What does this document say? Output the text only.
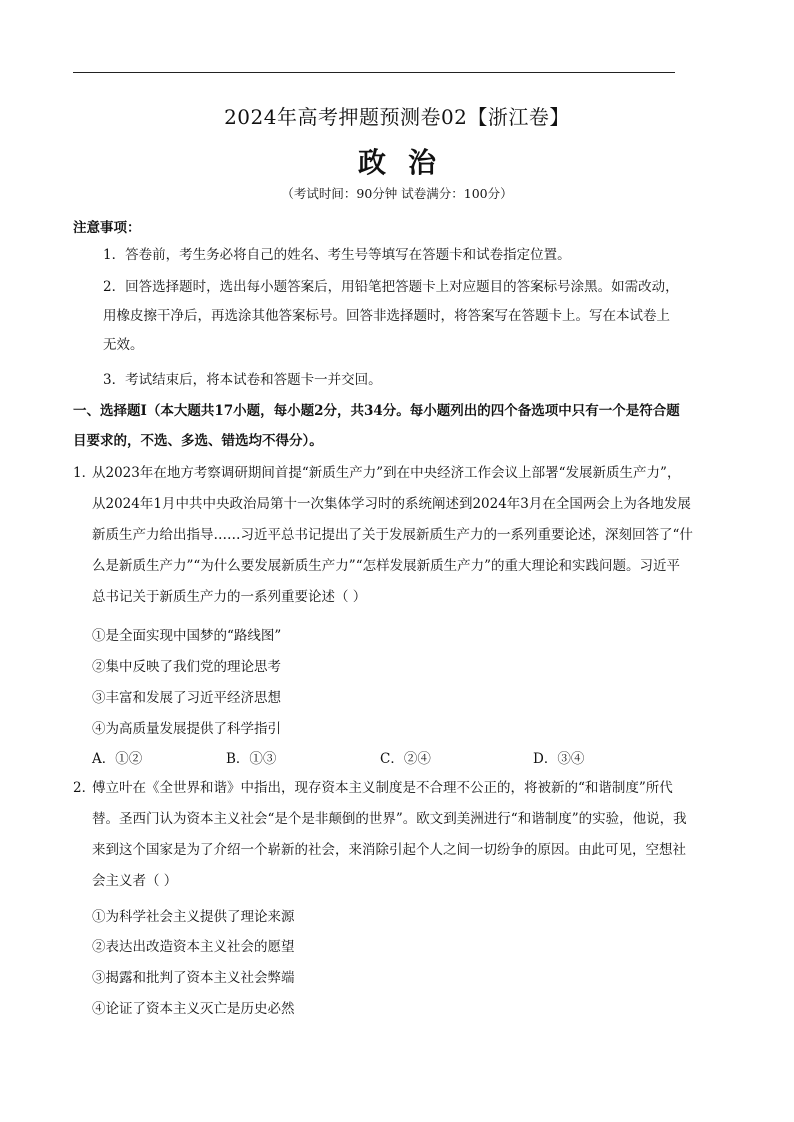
2024年高考押题预测卷02【浙江卷】
政治
（考试时间：90分钟 试卷满分：100分）
注意事项：
1．答卷前，考生务必将自己的姓名、考生号等填写在答题卡和试卷指定位置。
2．回答选择题时，选出每小题答案后，用铅笔把答题卡上对应题目的答案标号涂黑。如需改动，用橡皮擦干净后，再选涂其他答案标号。回答非选择题时，将答案写在答题卡上。写在本试卷上无效。
3．考试结束后，将本试卷和答题卡一并交回。
一、选择题Ⅰ（本大题共17小题，每小题2分，共34分。每小题列出的四个备选项中只有一个是符合题目要求的，不选、多选、错选均不得分）。
1．
从2023年在地方考察调研期间首提“新质生产力”到在中央经济工作会议上部署“发展新质生产力”，从2024年1月中共中央政治局第十一次集体学习时的系统阐述到2024年3月在全国两会上为各地发展新质生产力给出指导……习近平总书记提出了关于发展新质生产力的一系列重要论述，深刻回答了“什么是新质生产力”“为什么要发展新质生产力”“怎样发展新质生产力”的重大理论和实践问题。习近平总书记关于新质生产力的一系列重要论述（ ）
①是全面实现中国梦的“路线图”
②集中反映了我们党的理论思考
③丰富和发展了习近平经济思想
④为高质量发展提供了科学指引
A．①②	B．①③	C．②④	D．③④
2．
傅立叶在《全世界和谐》中指出，现存资本主义制度是不合理不公正的，将被新的“和谐制度”所代替。圣西门认为资本主义社会“是个是非颠倒的世界”。欧文到美洲进行“和谐制度”的实验，他说，我来到这个国家是为了介绍一个崭新的社会，来消除引起个人之间一切纷争的原因。由此可见，空想社会主义者（ ）
①为科学社会主义提供了理论来源
②表达出改造资本主义社会的愿望
③揭露和批判了资本主义社会弊端
④论证了资本主义灭亡是历史必然
